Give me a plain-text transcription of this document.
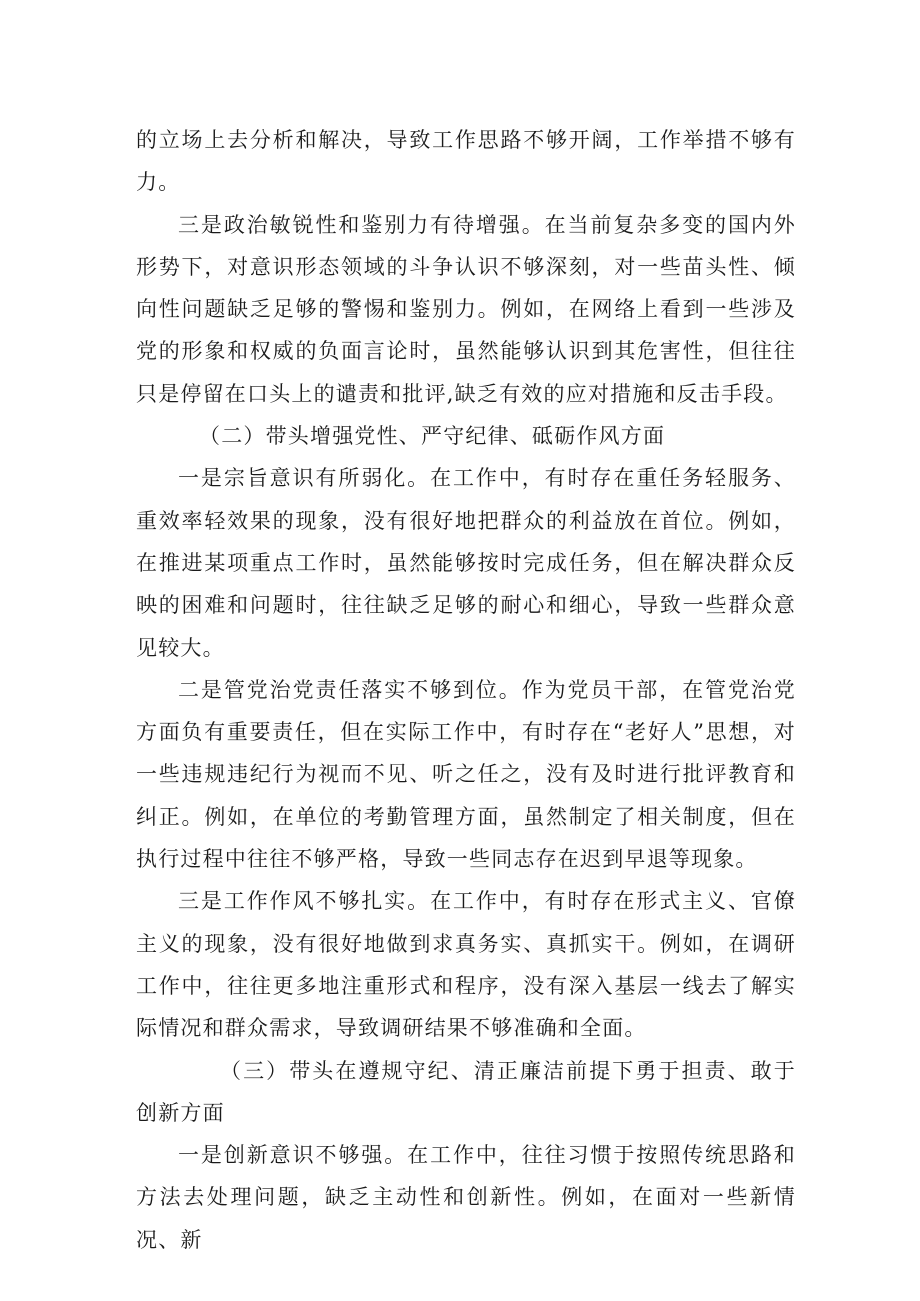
的立场上去分析和解决，导致工作思路不够开阔，工作举措不够有力。

三是政治敏锐性和鉴别力有待增强。在当前复杂多变的国内外形势下，对意识形态领域的斗争认识不够深刻，对一些苗头性、倾向性问题缺乏足够的警惕和鉴别力。例如，在网络上看到一些涉及党的形象和权威的负面言论时，虽然能够认识到其危害性，但往往只是停留在口头上的谴责和批评,缺乏有效的应对措施和反击手段。

（二）带头增强党性、严守纪律、砥砺作风方面

一是宗旨意识有所弱化。在工作中，有时存在重任务轻服务、重效率轻效果的现象，没有很好地把群众的利益放在首位。例如，在推进某项重点工作时，虽然能够按时完成任务，但在解决群众反映的困难和问题时，往往缺乏足够的耐心和细心，导致一些群众意见较大。

二是管党治党责任落实不够到位。作为党员干部，在管党治党方面负有重要责任，但在实际工作中，有时存在“老好人”思想，对一些违规违纪行为视而不见、听之任之，没有及时进行批评教育和纠正。例如，在单位的考勤管理方面，虽然制定了相关制度，但在执行过程中往往不够严格，导致一些同志存在迟到早退等现象。

三是工作作风不够扎实。在工作中，有时存在形式主义、官僚主义的现象，没有很好地做到求真务实、真抓实干。例如，在调研工作中，往往更多地注重形式和程序，没有深入基层一线去了解实际情况和群众需求，导致调研结果不够准确和全面。

（三）带头在遵规守纪、清正廉洁前提下勇于担责、敢于创新方面

一是创新意识不够强。在工作中，往往习惯于按照传统思路和方法去处理问题，缺乏主动性和创新性。例如，在面对一些新情况、新
